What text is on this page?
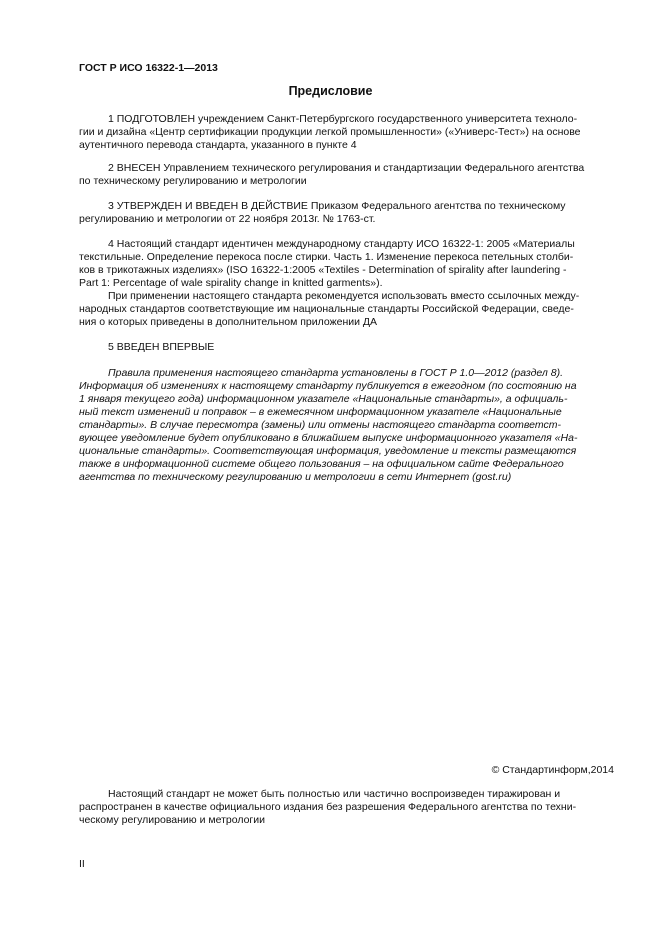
ГОСТ Р ИСО 16322-1—2013
Предисловие
1 ПОДГОТОВЛЕН учреждением Санкт-Петербургского государственного университета техноло-
гии и дизайна «Центр сертификации продукции легкой промышленности» («Универс-Тест») на основе
аутентичного перевода стандарта, указанного в пункте 4
2 ВНЕСЕН Управлением технического регулирования и стандартизации Федерального агентства
по техническому регулированию и метрологии
3 УТВЕРЖДЕН И ВВЕДЕН В ДЕЙСТВИЕ Приказом Федерального агентства по техническому
регулированию и метрологии от 22 ноября 2013г. № 1763-ст.
4 Настоящий стандарт идентичен международному стандарту ИСО 16322-1: 2005 «Материалы
текстильные. Определение перекоса после стирки. Часть 1. Изменение перекоса петельных столби-
ков в трикотажных изделиях» (ISO 16322-1:2005 «Textiles - Determination of spirality after laundering -
Part 1: Percentage of wale spirality change in knitted garments»).
При применении настоящего стандарта рекомендуется использовать вместо ссылочных между-
народных стандартов соответствующие им национальные стандарты Российской Федерации, сведе-
ния о которых приведены в дополнительном приложении ДА
5 ВВЕДЕН ВПЕРВЫЕ
Правила применения настоящего стандарта установлены в ГОСТ Р 1.0—2012 (раздел 8).
Информация об изменениях к настоящему стандарту публикуется в ежегодном (по состоянию на
1 января текущего года) информационном указателе «Национальные стандарты», а официаль-
ный текст изменений и поправок – в ежемесячном информационном указателе «Национальные
стандарты». В случае пересмотра (замены) или отмены настоящего стандарта соответст-
вующее уведомление будет опубликовано в ближайшем выпуске информационного указателя «На-
циональные стандарты». Соответствующая информация, уведомление и тексты размещаются
также в информационной системе общего пользования – на официальном сайте Федерального
агентства по техническому регулированию и метрологии в сети Интернет (gost.ru)
© Стандартинформ,2014
Настоящий стандарт не может быть полностью или частично воспроизведен тиражирован и
распространен в качестве официального издания без разрешения Федерального агентства по техни-
ческому регулированию и метрологии
II
